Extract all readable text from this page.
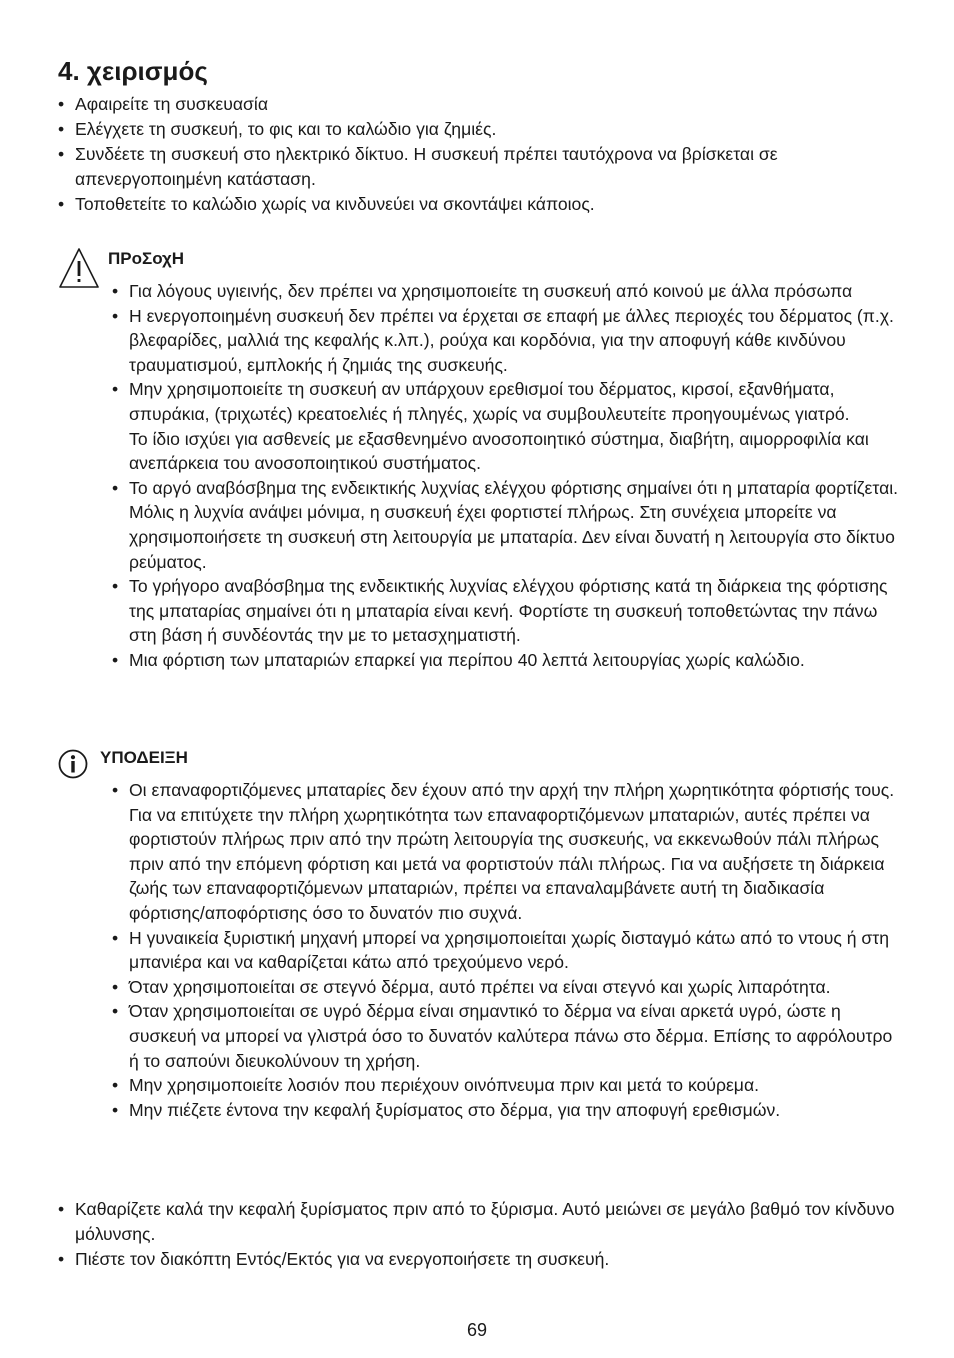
4. χειρισμός
• Αφαιρείτε τη συσκευασία
• Ελέγχετε τη συσκευή, το φις και το καλώδιο για ζημιές.
• Συνδέετε τη συσκευή στο ηλεκτρικό δίκτυο. Η συσκευή πρέπει ταυτόχρονα να βρίσκεται σε απενεργοποιημένη κατάσταση.
• Τοποθετείτε το καλώδιο χωρίς να κινδυνεύει να σκοντάψει κάποιος.
ΠΡοΣοχΗ
• Για λόγους υγιεινής, δεν πρέπει να χρησιμοποιείτε τη συσκευή από κοινού με άλλα πρόσωπα
• Η ενεργοποιημένη συσκευή δεν πρέπει να έρχεται σε επαφή με άλλες περιοχές του δέρματος (π.χ. βλεφαρίδες, μαλλιά της κεφαλής κ.λπ.), ρούχα και κορδόνια, για την αποφυγή κάθε κινδύνου τραυματισμού, εμπλοκής ή ζημιάς της συσκευής.
• Μην χρησιμοποιείτε τη συσκευή αν υπάρχουν ερεθισμοί του δέρματος, κιρσοί, εξανθήματα, σπυράκια, (τριχωτές) κρεατοελιές ή πληγές, χωρίς να συμβουλευτείτε προηγουμένως γιατρό.
Το ίδιο ισχύει για ασθενείς με εξασθενημένο ανοσοποιητικό σύστημα, διαβήτη, αιμορροφιλία και ανεπάρκεια του ανοσοποιητικού συστήματος.
• Το αργό αναβόσβημα της ενδεικτικής λυχνίας ελέγχου φόρτισης σημαίνει ότι η μπαταρία φορτίζεται. Μόλις η λυχνία ανάψει μόνιμα, η συσκευή έχει φορτιστεί πλήρως. Στη συνέχεια μπορείτε να χρησιμοποιήσετε τη συσκευή στη λειτουργία με μπαταρία. Δεν είναι δυνατή η λειτουργία στο δίκτυο ρεύματος.
• Το γρήγορο αναβόσβημα της ενδεικτικής λυχνίας ελέγχου φόρτισης κατά τη διάρκεια της φόρτισης της μπαταρίας σημαίνει ότι η μπαταρία είναι κενή. Φορτίστε τη συσκευή τοποθετώντας την πάνω στη βάση ή συνδέοντάς την με το μετασχηματιστή.
• Μια φόρτιση των μπαταριών επαρκεί για περίπου 40 λεπτά λειτουργίας χωρίς καλώδιο.
ΥΠΟΔΕΙΞΗ
• Οι επαναφορτιζόμενες μπαταρίες δεν έχουν από την αρχή την πλήρη χωρητικότητα φόρτισής τους. Για να επιτύχετε την πλήρη χωρητικότητα των επαναφορτιζόμενων μπαταριών, αυτές πρέπει να φορτιστούν πλήρως πριν από την πρώτη λειτουργία της συσκευής, να εκκενωθούν πάλι πλήρως πριν από την επόμενη φόρτιση και μετά να φορτιστούν πάλι πλήρως. Για να αυξήσετε τη διάρκεια ζωής των επαναφορτιζόμενων μπαταριών, πρέπει να επαναλαμβάνετε αυτή τη διαδικασία φόρτισης/αποφόρτισης όσο το δυνατόν πιο συχνά.
• Η γυναικεία ξυριστική μηχανή μπορεί να χρησιμοποιείται χωρίς δισταγμό κάτω από το ντους ή στη μπανιέρα και να καθαρίζεται κάτω από τρεχούμενο νερό.
• Όταν χρησιμοποιείται σε στεγνό δέρμα, αυτό πρέπει να είναι στεγνό και χωρίς λιπαρότητα.
• Όταν χρησιμοποιείται σε υγρό δέρμα είναι σημαντικό το δέρμα να είναι αρκετά υγρό, ώστε η συσκευή να μπορεί να γλιστρά όσο το δυνατόν καλύτερα πάνω στο δέρμα. Επίσης το αφρόλουτρο ή το σαπούνι διευκολύνουν τη χρήση.
• Μην χρησιμοποιείτε λοσιόν που περιέχουν οινόπνευμα πριν και μετά το κούρεμα.
• Μην πιέζετε έντονα την κεφαλή ξυρίσματος στο δέρμα, για την αποφυγή ερεθισμών.
• Καθαρίζετε καλά την κεφαλή ξυρίσματος πριν από το ξύρισμα. Αυτό μειώνει σε μεγάλο βαθμό τον κίνδυνο μόλυνσης.
• Πιέστε τον διακόπτη Εντός/Εκτός για να ενεργοποιήσετε τη συσκευή.
69
